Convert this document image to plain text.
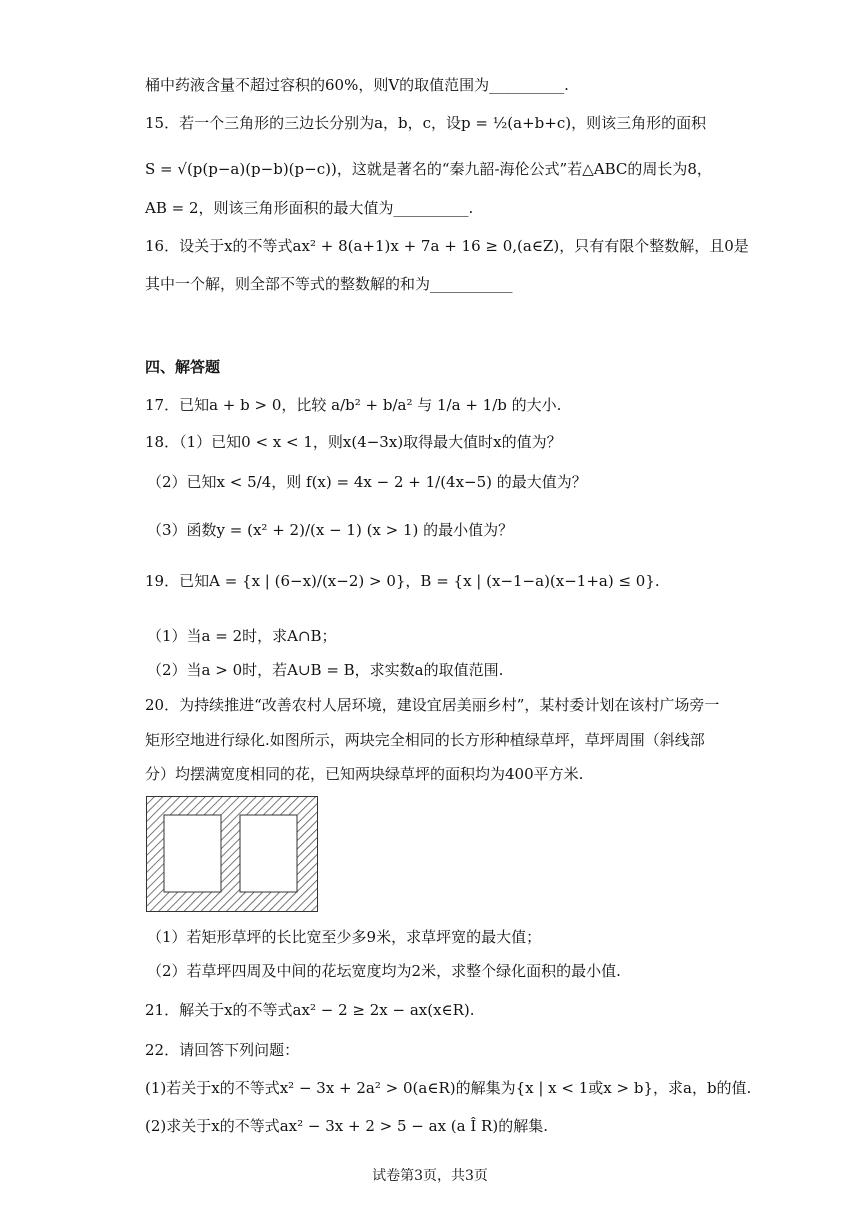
桶中药液含量不超过容积的60%，则V的取值范围为__________.
15．若一个三角形的三边长分别为a，b，c，设p = ½(a+b+c)，则该三角形的面积
S = √(p(p−a)(p−b)(p−c))，这就是著名的“秦九韶-海伦公式”若△ABC的周长为8，
AB = 2，则该三角形面积的最大值为__________.
16．设关于x的不等式ax² + 8(a+1)x + 7a + 16 ≥ 0,(a∈Z)，只有有限个整数解，且0是
其中一个解，则全部不等式的整数解的和为___________
四、解答题
17．已知a + b > 0，比较 a/b² + b/a² 与 1/a + 1/b 的大小.
18．（1）已知0 < x < 1，则x(4−3x)取得最大值时x的值为？
（2）已知x < 5/4，则 f(x) = 4x − 2 + 1/(4x−5) 的最大值为？
（3）函数y = (x² + 2)/(x − 1) (x > 1) 的最小值为？
19．已知A = {x | (6−x)/(x−2) > 0}，B = {x | (x−1−a)(x−1+a) ≤ 0}.
（1）当a = 2时，求A∩B；
（2）当a > 0时，若A∪B = B，求实数a的取值范围.
20．为持续推进“改善农村人居环境，建设宜居美丽乡村”，某村委计划在该村广场旁一
矩形空地进行绿化.如图所示，两块完全相同的长方形种植绿草坪，草坪周围（斜线部
分）均摆满宽度相同的花，已知两块绿草坪的面积均为400平方米.
（1）若矩形草坪的长比宽至少多9米，求草坪宽的最大值；
（2）若草坪四周及中间的花坛宽度均为2米，求整个绿化面积的最小值.
21．解关于x的不等式ax² − 2 ≥ 2x − ax(x∈R).
22．请回答下列问题：
(1)若关于x的不等式x² − 3x + 2a² > 0(a∈R)的解集为{x | x < 1或x > b}，求a，b的值.
(2)求关于x的不等式ax² − 3x + 2 > 5 − ax (a Î R)的解集.
试卷第3页，共3页
